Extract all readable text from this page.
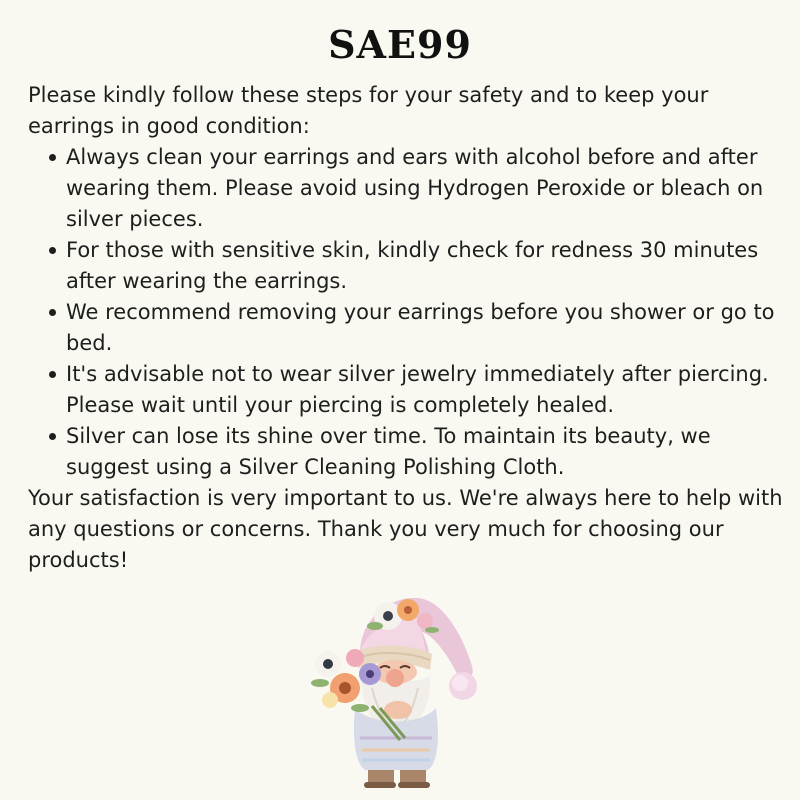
SAE99

Please kindly follow these steps for your safety and to keep your earrings in good condition:

Always clean your earrings and ears with alcohol before and after wearing them. Please avoid using Hydrogen Peroxide or bleach on silver pieces.
For those with sensitive skin, kindly check for redness 30 minutes after wearing the earrings.
We recommend removing your earrings before you shower or go to bed.
It's advisable not to wear silver jewelry immediately after piercing. Please wait until your piercing is completely healed.
Silver can lose its shine over time. To maintain its beauty, we suggest using a Silver Cleaning Polishing Cloth.

Your satisfaction is very important to us. We're always here to help with any questions or concerns. Thank you very much for choosing our products!
